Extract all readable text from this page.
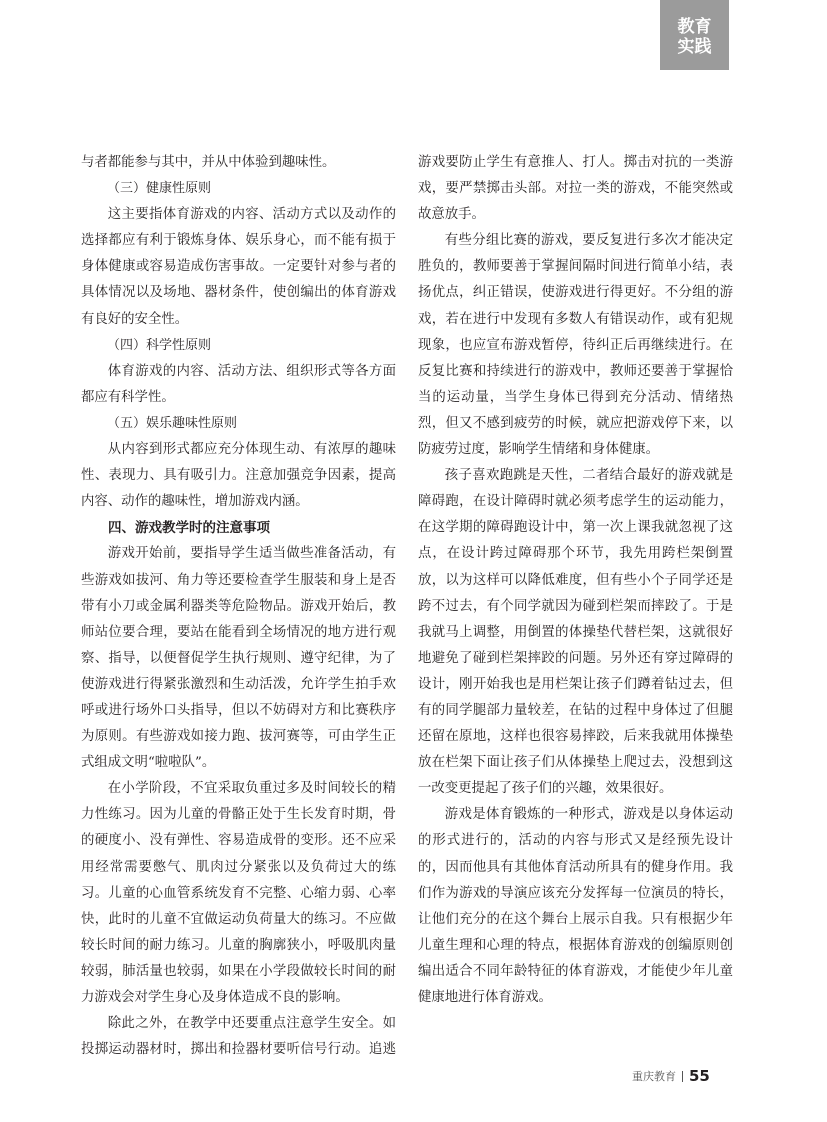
教育
实践

与者都能参与其中，并从中体验到趣味性。

（三）健康性原则

这主要指体育游戏的内容、活动方式以及动作的选择都应有利于锻炼身体、娱乐身心，而不能有损于身体健康或容易造成伤害事故。一定要针对参与者的具体情况以及场地、器材条件，使创编出的体育游戏有良好的安全性。

（四）科学性原则

体育游戏的内容、活动方法、组织形式等各方面都应有科学性。

（五）娱乐趣味性原则

从内容到形式都应充分体现生动、有浓厚的趣味性、表现力、具有吸引力。注意加强竞争因素，提高内容、动作的趣味性，增加游戏内涵。

四、游戏教学时的注意事项

游戏开始前，要指导学生适当做些准备活动，有些游戏如拔河、角力等还要检查学生服装和身上是否带有小刀或金属利器类等危险物品。游戏开始后，教师站位要合理，要站在能看到全场情况的地方进行观察、指导，以便督促学生执行规则、遵守纪律，为了使游戏进行得紧张激烈和生动活泼，允许学生拍手欢呼或进行场外口头指导，但以不妨碍对方和比赛秩序为原则。有些游戏如接力跑、拔河赛等，可由学生正式组成文明“啦啦队”。

在小学阶段，不宜采取负重过多及时间较长的精力性练习。因为儿童的骨骼正处于生长发育时期，骨的硬度小、没有弹性、容易造成骨的变形。还不应采用经常需要憋气、肌肉过分紧张以及负荷过大的练习。儿童的心血管系统发育不完整、心缩力弱、心率快，此时的儿童不宜做运动负荷量大的练习。不应做较长时间的耐力练习。儿童的胸廓狭小，呼吸肌肉量较弱，肺活量也较弱，如果在小学段做较长时间的耐力游戏会对学生身心及身体造成不良的影响。

除此之外，在教学中还要重点注意学生安全。如投掷运动器材时，掷出和捡器材要听信号行动。追逃

游戏要防止学生有意推人、打人。掷击对抗的一类游戏，要严禁掷击头部。对拉一类的游戏，不能突然或故意放手。

有些分组比赛的游戏，要反复进行多次才能决定胜负的，教师要善于掌握间隔时间进行简单小结，表扬优点，纠正错误，使游戏进行得更好。不分组的游戏，若在进行中发现有多数人有错误动作，或有犯规现象，也应宣布游戏暂停，待纠正后再继续进行。在反复比赛和持续进行的游戏中，教师还要善于掌握恰当的运动量，当学生身体已得到充分活动、情绪热烈，但又不感到疲劳的时候，就应把游戏停下来，以防疲劳过度，影响学生情绪和身体健康。

孩子喜欢跑跳是天性，二者结合最好的游戏就是障碍跑，在设计障碍时就必须考虑学生的运动能力，在这学期的障碍跑设计中，第一次上课我就忽视了这点，在设计跨过障碍那个环节，我先用跨栏架倒置放，以为这样可以降低难度，但有些小个子同学还是跨不过去，有个同学就因为碰到栏架而摔跤了。于是我就马上调整，用倒置的体操垫代替栏架，这就很好地避免了碰到栏架摔跤的问题。另外还有穿过障碍的设计，刚开始我也是用栏架让孩子们蹲着钻过去，但有的同学腿部力量较差，在钻的过程中身体过了但腿还留在原地，这样也很容易摔跤，后来我就用体操垫放在栏架下面让孩子们从体操垫上爬过去，没想到这一改变更提起了孩子们的兴趣，效果很好。

游戏是体育锻炼的一种形式，游戏是以身体运动的形式进行的，活动的内容与形式又是经预先设计的，因而他具有其他体育活动所具有的健身作用。我们作为游戏的导演应该充分发挥每一位演员的特长，让他们充分的在这个舞台上展示自我。只有根据少年儿童生理和心理的特点，根据体育游戏的创编原则创编出适合不同年龄特征的体育游戏，才能使少年儿童健康地进行体育游戏。

重庆教育 55
